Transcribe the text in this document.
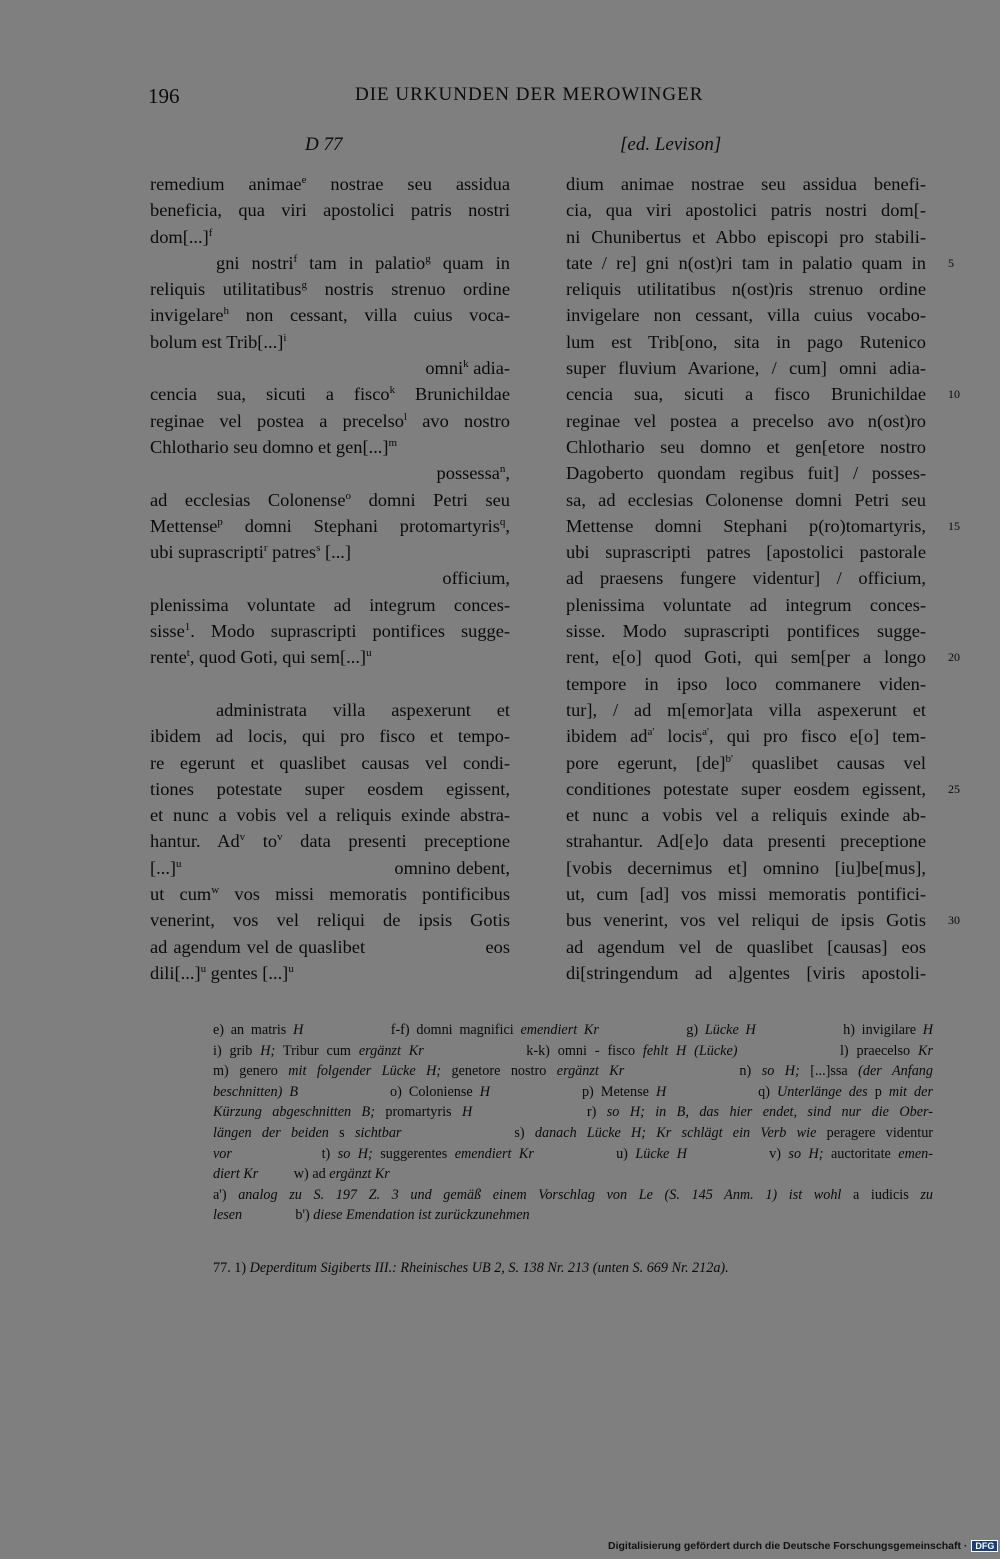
196	DIE URKUNDEN DER MEROWINGER
D 77	[ed. Levison]
remedium animae$^e$ nostrae seu assidua
beneficia, qua viri apostolici patris nostri
dom[...]$^f$
gni nostri$^f$ tam in palatio$^g$ quam in
reliquis utilitatibus$^g$ nostris strenuo ordine
invigelare$^h$ non cessant, villa cuius voca-
bolum est Trib[...]$^i$
omni$^k$ adia-
cencia sua, sicuti a fisco$^k$ Brunichildae
reginae vel postea a precelso$^l$ avo nostro
Chlothario seu domno et gen[...]$^m$
possessa$^n$,
ad ecclesias Colonense$^o$ domni Petri seu
Mettense$^p$ domni Stephani protomartyris$^q$,
ubi suprascripti$^r$ patres$^s$ [...]
officium,
plenissima voluntate ad integrum conces-
sisse$^1$. Modo suprascripti pontifices sugge-
rente$^t$, quod Goti, qui sem[...]$^u$

administrata villa aspexerunt et
ibidem ad locis, qui pro fisco et tempo-
re egerunt et quaslibet causas vel condi-
tiones potestate super eosdem egissent,
et nunc a vobis vel a reliquis exinde abstra-
hantur. Ad$^v$ $to^v$ data presenti preceptione
[...]$^u$                                     omnino debent,
ut cum$^w$ vos missi memoratis pontificibus
venerint, vos vel reliqui de ipsis Gotis
ad agendum vel de quaslibet                    eos
dili[...]$^u$ gentes [...]$^u$
dium animae nostrae seu assidua benefi-
cia, qua viri apostolici patris nostri dom[-
ni Chunibertus et Abbo episcopi pro stabili-
tate / re] gni n(ost)ri tam in palatio quam in
reliquis utilitatibus n(ost)ris strenuo ordine
invigelare non cessant, villa cuius vocabo-
lum est Trib[ono, sita in pago Rutenico
super fluvium Avarione, / cum] omni adia-
cencia sua, sicuti a fisco Brunichildae
reginae vel postea a precelso avo n(ost)ro
Chlothario seu domno et gen[etore nostro
Dagoberto quondam regibus fuit] / posses-
sa, ad ecclesias Colonense domni Petri seu
Mettense domni Stephani p(ro)tomartyris,
ubi suprascripti patres [apostolici pastorale
ad praesens fungere videntur] / officium,
plenissima voluntate ad integrum conces-
sisse. Modo suprascripti pontifices sugge-
rent, e[o] quod Goti, qui sem[per a longo
tempore in ipso loco commanere viden-
tur], / ad m[emor]ata villa aspexerunt et
ibidem $ad^{a'}$ locis$^{a'}$, qui pro fisco e[o] tem-
pore egerunt, [de]$^{b'}$ quaslibet causas vel
conditiones potestate super eosdem egissent,
et nunc a vobis vel a reliquis exinde ab-
strahantur. Ad[e]o data presenti preceptione
[vobis decernimus et] omnino [iu]be[mus],
ut, cum [ad] vos missi memoratis pontifici-
bus venerint, vos vel reliqui de ipsis Gotis
ad agendum vel de quaslibet [causas] eos
di[stringendum ad a]gentes [viris apostoli-
5
10
15
20
25
30
e) an matris H             f-f) domni magnifici emendiert Kr             g) Lücke H             h) invigilare H
i) grib H; Tribur cum ergänzt Kr             k-k) omni - fisco fehlt H (Lücke)             l) praecelso Kr
m) genero mit folgender Lücke H; genetore nostro ergänzt Kr           n) so H; [...]ssa (der Anfang
beschnitten) B             o) Coloniense H             p) Metense H             q) Unterlänge des p mit der
Kürzung abgeschnitten B; promartyris H           r) so H; in B, das hier endet, sind nur die Ober-
längen der beiden s sichtbar           s) danach Lücke H; Kr schlägt ein Verb wie peragere videntur
vor            t) so H; suggerentes emendiert Kr           u) Lücke H           v) so H; auctoritate emen-
diert Kr          w) ad ergänzt Kr
a') analog zu S. 197 Z. 3 und gemäß einem Vorschlag von Le (S. 145 Anm. 1) ist wohl a iudicis zu
lesen               b') diese Emendation ist zurückzunehmen
77. 1) Deperditum Sigiberts III.: Rheinisches UB 2, S. 138 Nr. 213 (unten S. 669 Nr. 212a).
Digitalisierung gefördert durch die Deutsche Forschungsgemeinschaft · DFG
